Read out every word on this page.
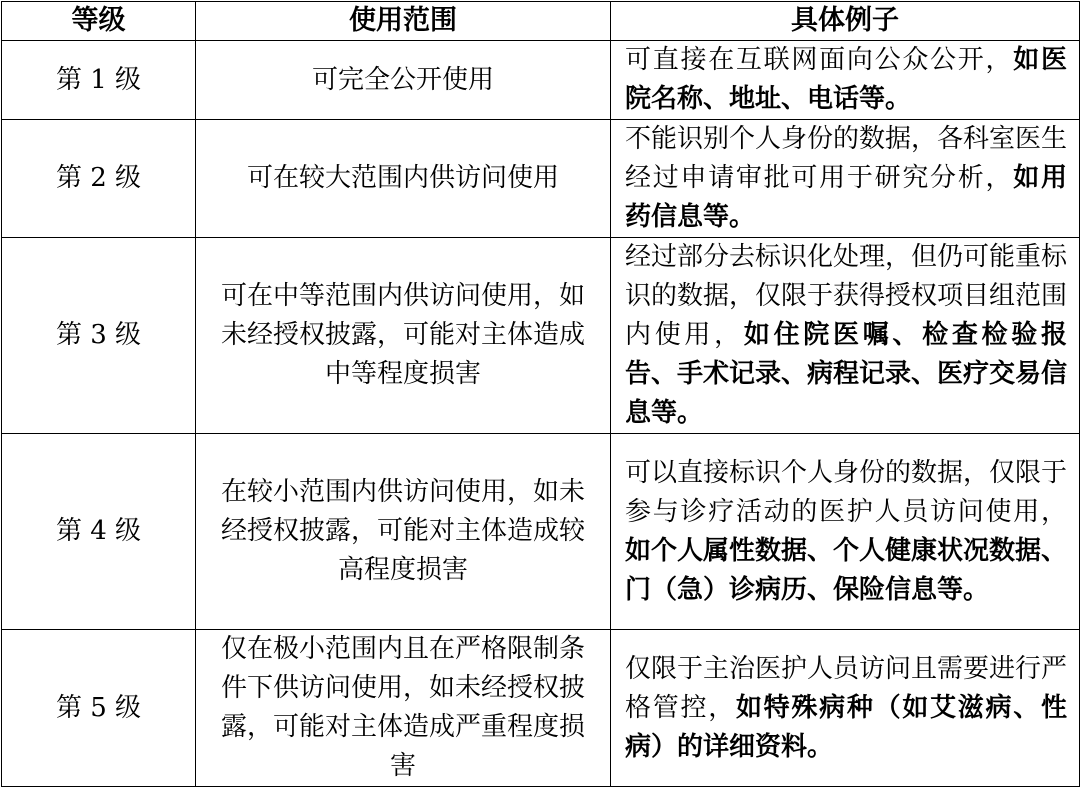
等级	使用范围	具体例子
第 1 级	可完全公开使用	可直接在互联网面向公众公开，如医院名称、地址、电话等。
第 2 级	可在较大范围内供访问使用	不能识别个人身份的数据，各科室医生经过申请审批可用于研究分析，如用药信息等。
第 3 级	可在中等范围内供访问使用，如未经授权披露，可能对主体造成中等程度损害	经过部分去标识化处理，但仍可能重标识的数据，仅限于获得授权项目组范围内使用，如住院医嘱、检查检验报告、手术记录、病程记录、医疗交易信息等。
第 4 级	在较小范围内供访问使用，如未经授权披露，可能对主体造成较高程度损害	可以直接标识个人身份的数据，仅限于参与诊疗活动的医护人员访问使用，如个人属性数据、个人健康状况数据、门（急）诊病历、保险信息等。
第 5 级	仅在极小范围内且在严格限制条件下供访问使用，如未经授权披露，可能对主体造成严重程度损害	仅限于主治医护人员访问且需要进行严格管控，如特殊病种（如艾滋病、性病）的详细资料。
